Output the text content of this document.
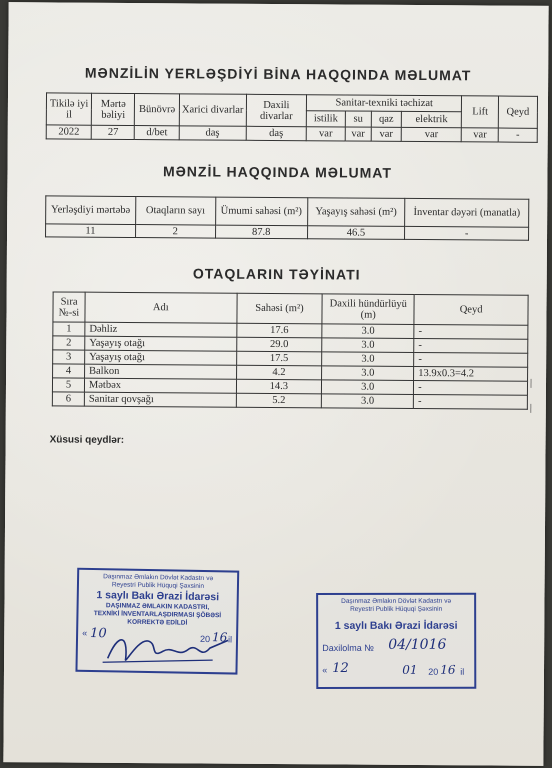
MƏNZİLİN YERLƏŞDİYİ BİNA HAQQINDA MƏLUMAT
Tikilə iyi il	Mərtə bəliyi	Bünövrə	Xarici divarlar	Daxili divarlar	Sanitar-texniki təchizat				Lift	Qeyd
					istilik	su	qaz	elektrik		
2022	27	d/bet	daş	daş	var	var	var	var	var	-
MƏNZİL HAQQINDA MƏLUMAT
Yerləşdiyi mərtəbə	Otaqların sayı	Ümumi sahəsi (m²)	Yaşayış sahəsi (m²)	İnventar dəyəri (manatla)
11	2	87.8	46.5	-
OTAQLARIN TƏYİNATI
Sıra №-si	Adı	Sahəsi (m²)	Daxili hündürlüyü (m)	Qeyd
1	Dəhliz	17.6	3.0	-
2	Yaşayış otağı	29.0	3.0	-
3	Yaşayış otağı	17.5	3.0	-
4	Balkon	4.2	3.0	13.9x0.3=4.2
5	Mətbəx	14.3	3.0	-
6	Sanitar qovşağı	5.2	3.0	-
|
|
Xüsusi qeydlər:
Daşınmaz Əmlakın Dövlət Kadastrı və
Reyestri Publik Hüquqi Şəxsinin
1 saylı Bakı Ərazi İdarəsi
DAŞINMAZ ƏMLAKIN KADASTRI,
TEXNİKİ İNVENTARLAŞDIRMASI ŞÖBƏSİ
KORREKTƏ EDİLDİ
« 10	20 16 il
Daşınmaz Əmlakın Dövlət Kadastrı və
Reyestri Publik Hüquqi Şəxsinin
1 saylı Bakı Ərazi İdarəsi
Daxilolma № 04/1016
« 12	01 20 16 il
